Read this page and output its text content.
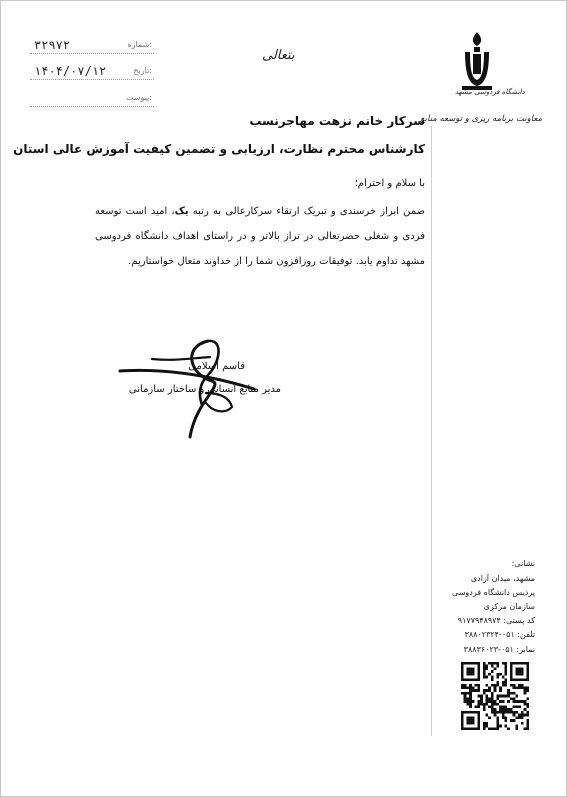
شماره:
۳۲۹۷۲
تاریخ:
۱۴۰۴/۰۷/۱۲
پیوست:
بتعالی
دانشگاه فردوسی مشهد
معاونت برنامه ریزی و توسعه منابع
سرکار خانم نزهت مهاجرنسب
کارشناس محترم نظارت، ارزیابی و تضمین کیفیت آموزش عالی استان
با سلام و احترام؛
ضمن ابراز خرسندی و تبریک ارتقاء سرکارعالی به رتبه یک، امید است توسعه فردی و شغلی حضرتعالی در تراز بالاتر و در راستای اهداف دانشگاه فردوسی مشهد تداوم یابد. توفیقات روزافزون شما را از خداوند متعال خواستاریم.
قاسم اسلامی
مدیر منابع انسانی و ساختار سازمانی
نشانی:
مشهد، میدان آزادی
پردیس دانشگاه فردوسی
سازمان مرکزی
کد پستی: ۹۱۷۷۹۴۸۹۷۴
تلفن: ۰۵۱-۳۸۸۰۲۳۲۴
نمابر: ۰۵۱-۳۸۸۳۶۰۲۳
